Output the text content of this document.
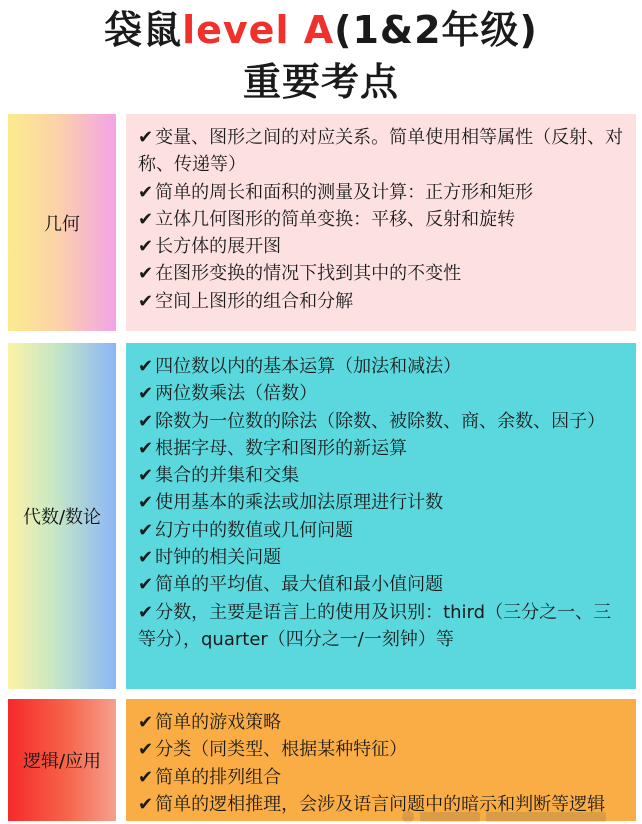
袋鼠level A(1&2年级)
重要考点
几何

✔ 变量、图形之间的对应关系。简单使用相等属性（反射、对称、传递等）

✔ 简单的周长和面积的测量及计算：正方形和矩形

✔ 立体几何图形的简单变换：平移、反射和旋转

✔ 长方体的展开图

✔ 在图形变换的情况下找到其中的不变性

✔ 空间上图形的组合和分解

代数/数论

✔ 四位数以内的基本运算（加法和减法）

✔ 两位数乘法（倍数）

✔ 除数为一位数的除法（除数、被除数、商、余数、因子）

✔ 根据字母、数字和图形的新运算

✔ 集合的并集和交集

✔ 使用基本的乘法或加法原理进行计数

✔ 幻方中的数值或几何问题

✔ 时钟的相关问题

✔ 简单的平均值、最大值和最小值问题

✔ 分数，主要是语言上的使用及识别：third（三分之一、三等分），quarter（四分之一/一刻钟）等

逻辑/应用

✔ 简单的游戏策略

✔ 分类（同类型、根据某种特征）

✔ 简单的排列组合

✔ 简单的逻相推理，会涉及语言问题中的暗示和判断等逻辑
